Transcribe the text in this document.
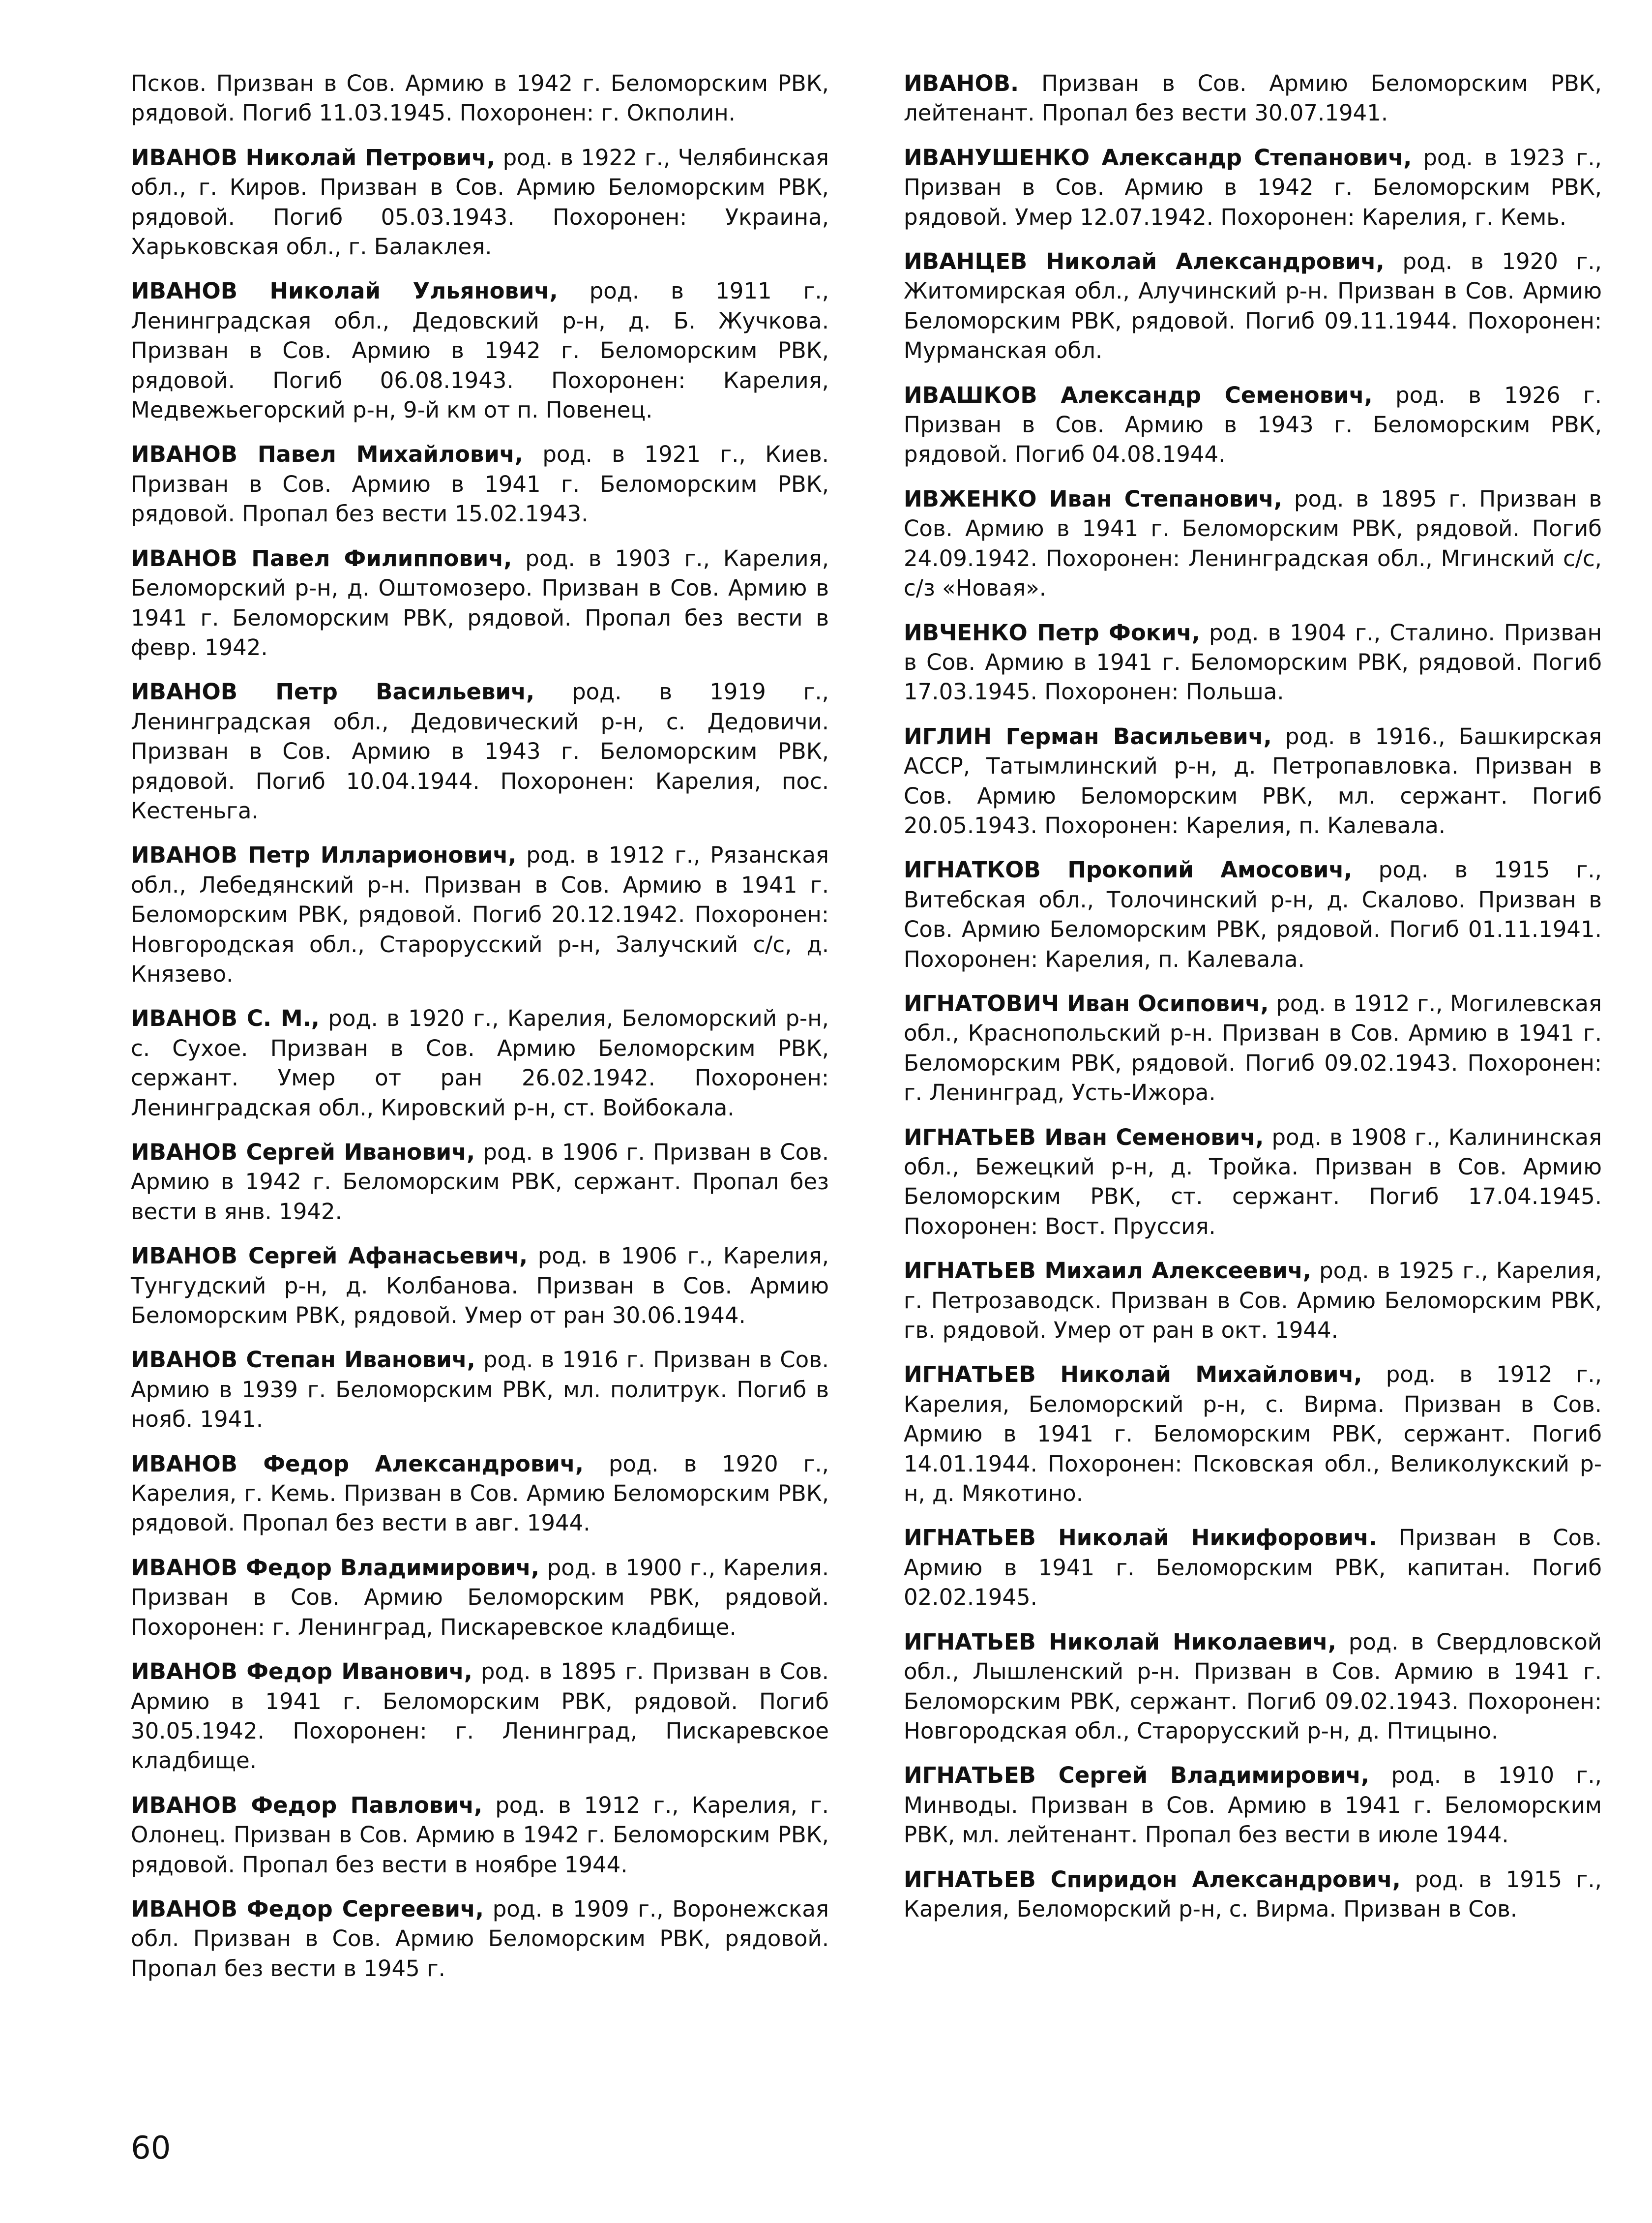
Псков. Призван в Сов. Армию в 1942 г. Беломорским РВК, рядовой. Погиб 11.03.1945. Похоронен: г. Окполин.

ИВАНОВ Николай Петрович, род. в 1922 г., Челябинская обл., г. Киров. Призван в Сов. Армию Беломорским РВК, рядовой. Погиб 05.03.1943. Похоронен: Украина, Харьковская обл., г. Балаклея.

ИВАНОВ Николай Ульянович, род. в 1911 г., Ленинградская обл., Дедовский р-н, д. Б. Жучкова. Призван в Сов. Армию в 1942 г. Беломорским РВК, рядовой. Погиб 06.08.1943. Похоронен: Карелия, Медвежьегорский р-н, 9-й км от п. Повенец.

ИВАНОВ Павел Михайлович, род. в 1921 г., Киев. Призван в Сов. Армию в 1941 г. Беломорским РВК, рядовой. Пропал без вести 15.02.1943.

ИВАНОВ Павел Филиппович, род. в 1903 г., Карелия, Беломорский р-н, д. Оштомозеро. Призван в Сов. Армию в 1941 г. Беломорским РВК, рядовой. Пропал без вести в февр. 1942.

ИВАНОВ Петр Васильевич, род. в 1919 г., Ленинградская обл., Дедовический р-н, с. Дедовичи. Призван в Сов. Армию в 1943 г. Беломорским РВК, рядовой. Погиб 10.04.1944. Похоронен: Карелия, пос. Кестеньга.

ИВАНОВ Петр Илларионович, род. в 1912 г., Рязанская обл., Лебедянский р-н. Призван в Сов. Армию в 1941 г. Беломорским РВК, рядовой. Погиб 20.12.1942. Похоронен: Новгородская обл., Старорусский р-н, Залучский с/с, д. Князево.

ИВАНОВ С. М., род. в 1920 г., Карелия, Беломорский р-н, с. Сухое. Призван в Сов. Армию Беломорским РВК, сержант. Умер от ран 26.02.1942. Похоронен: Ленинградская обл., Кировский р-н, ст. Войбокала.

ИВАНОВ Сергей Иванович, род. в 1906 г. Призван в Сов. Армию в 1942 г. Беломорским РВК, сержант. Пропал без вести в янв. 1942.

ИВАНОВ Сергей Афанасьевич, род. в 1906 г., Карелия, Тунгудский р-н, д. Колбанова. Призван в Сов. Армию Беломорским РВК, рядовой. Умер от ран 30.06.1944.

ИВАНОВ Степан Иванович, род. в 1916 г. Призван в Сов. Армию в 1939 г. Беломорским РВК, мл. политрук. Погиб в нояб. 1941.

ИВАНОВ Федор Александрович, род. в 1920 г., Карелия, г. Кемь. Призван в Сов. Армию Беломорским РВК, рядовой. Пропал без вести в авг. 1944.

ИВАНОВ Федор Владимирович, род. в 1900 г., Карелия. Призван в Сов. Армию Беломорским РВК, рядовой. Похоронен: г. Ленинград, Пискаревское кладбище.

ИВАНОВ Федор Иванович, род. в 1895 г. Призван в Сов. Армию в 1941 г. Беломорским РВК, рядовой. Погиб 30.05.1942. Похоронен: г. Ленинград, Пискаревское кладбище.

ИВАНОВ Федор Павлович, род. в 1912 г., Карелия, г. Олонец. Призван в Сов. Армию в 1942 г. Беломорским РВК, рядовой. Пропал без вести в ноябре 1944.

ИВАНОВ Федор Сергеевич, род. в 1909 г., Воронежская обл. Призван в Сов. Армию Беломорским РВК, рядовой. Пропал без вести в 1945 г.

ИВАНОВ. Призван в Сов. Армию Беломорским РВК, лейтенант. Пропал без вести 30.07.1941.

ИВАНУШЕНКО Александр Степанович, род. в 1923 г., Призван в Сов. Армию в 1942 г. Беломорским РВК, рядовой. Умер 12.07.1942. Похоронен: Карелия, г. Кемь.

ИВАНЦЕВ Николай Александрович, род. в 1920 г., Житомирская обл., Алучинский р-н. Призван в Сов. Армию Беломорским РВК, рядовой. Погиб 09.11.1944. Похоронен: Мурманская обл.

ИВАШКОВ Александр Семенович, род. в 1926 г. Призван в Сов. Армию в 1943 г. Беломорским РВК, рядовой. Погиб 04.08.1944.

ИВЖЕНКО Иван Степанович, род. в 1895 г. Призван в Сов. Армию в 1941 г. Беломорским РВК, рядовой. Погиб 24.09.1942. Похоронен: Ленинградская обл., Мгинский с/с, с/з «Новая».

ИВЧЕНКО Петр Фокич, род. в 1904 г., Сталино. Призван в Сов. Армию в 1941 г. Беломорским РВК, рядовой. Погиб 17.03.1945. Похоронен: Польша.

ИГЛИН Герман Васильевич, род. в 1916., Башкирская АССР, Татымлинский р-н, д. Петропавловка. Призван в Сов. Армию Беломорским РВК, мл. сержант. Погиб 20.05.1943. Похоронен: Карелия, п. Калевала.

ИГНАТКОВ Прокопий Амосович, род. в 1915 г., Витебская обл., Толочинский р-н, д. Скалово. Призван в Сов. Армию Беломорским РВК, рядовой. Погиб 01.11.1941. Похоронен: Карелия, п. Калевала.

ИГНАТОВИЧ Иван Осипович, род. в 1912 г., Могилевская обл., Краснопольский р-н. Призван в Сов. Армию в 1941 г. Беломорским РВК, рядовой. Погиб 09.02.1943. Похоронен: г. Ленинград, Усть-Ижора.

ИГНАТЬЕВ Иван Семенович, род. в 1908 г., Калининская обл., Бежецкий р-н, д. Тройка. Призван в Сов. Армию Беломорским РВК, ст. сержант. Погиб 17.04.1945. Похоронен: Вост. Пруссия.

ИГНАТЬЕВ Михаил Алексеевич, род. в 1925 г., Карелия, г. Петрозаводск. Призван в Сов. Армию Беломорским РВК, гв. рядовой. Умер от ран в окт. 1944.

ИГНАТЬЕВ Николай Михайлович, род. в 1912 г., Карелия, Беломорский р-н, с. Вирма. Призван в Сов. Армию в 1941 г. Беломорским РВК, сержант. Погиб 14.01.1944. Похоронен: Псковская обл., Великолукский р-н, д. Мякотино.

ИГНАТЬЕВ Николай Никифорович. Призван в Сов. Армию в 1941 г. Беломорским РВК, капитан. Погиб 02.02.1945.

ИГНАТЬЕВ Николай Николаевич, род. в Свердловской обл., Лышленский р-н. Призван в Сов. Армию в 1941 г. Беломорским РВК, сержант. Погиб 09.02.1943. Похоронен: Новгородская обл., Старорусский р-н, д. Птицыно.

ИГНАТЬЕВ Сергей Владимирович, род. в 1910 г., Минводы. Призван в Сов. Армию в 1941 г. Беломорским РВК, мл. лейтенант. Пропал без вести в июле 1944.

ИГНАТЬЕВ Спиридон Александрович, род. в 1915 г., Карелия, Беломорский р-н, с. Вирма. Призван в Сов.

60
